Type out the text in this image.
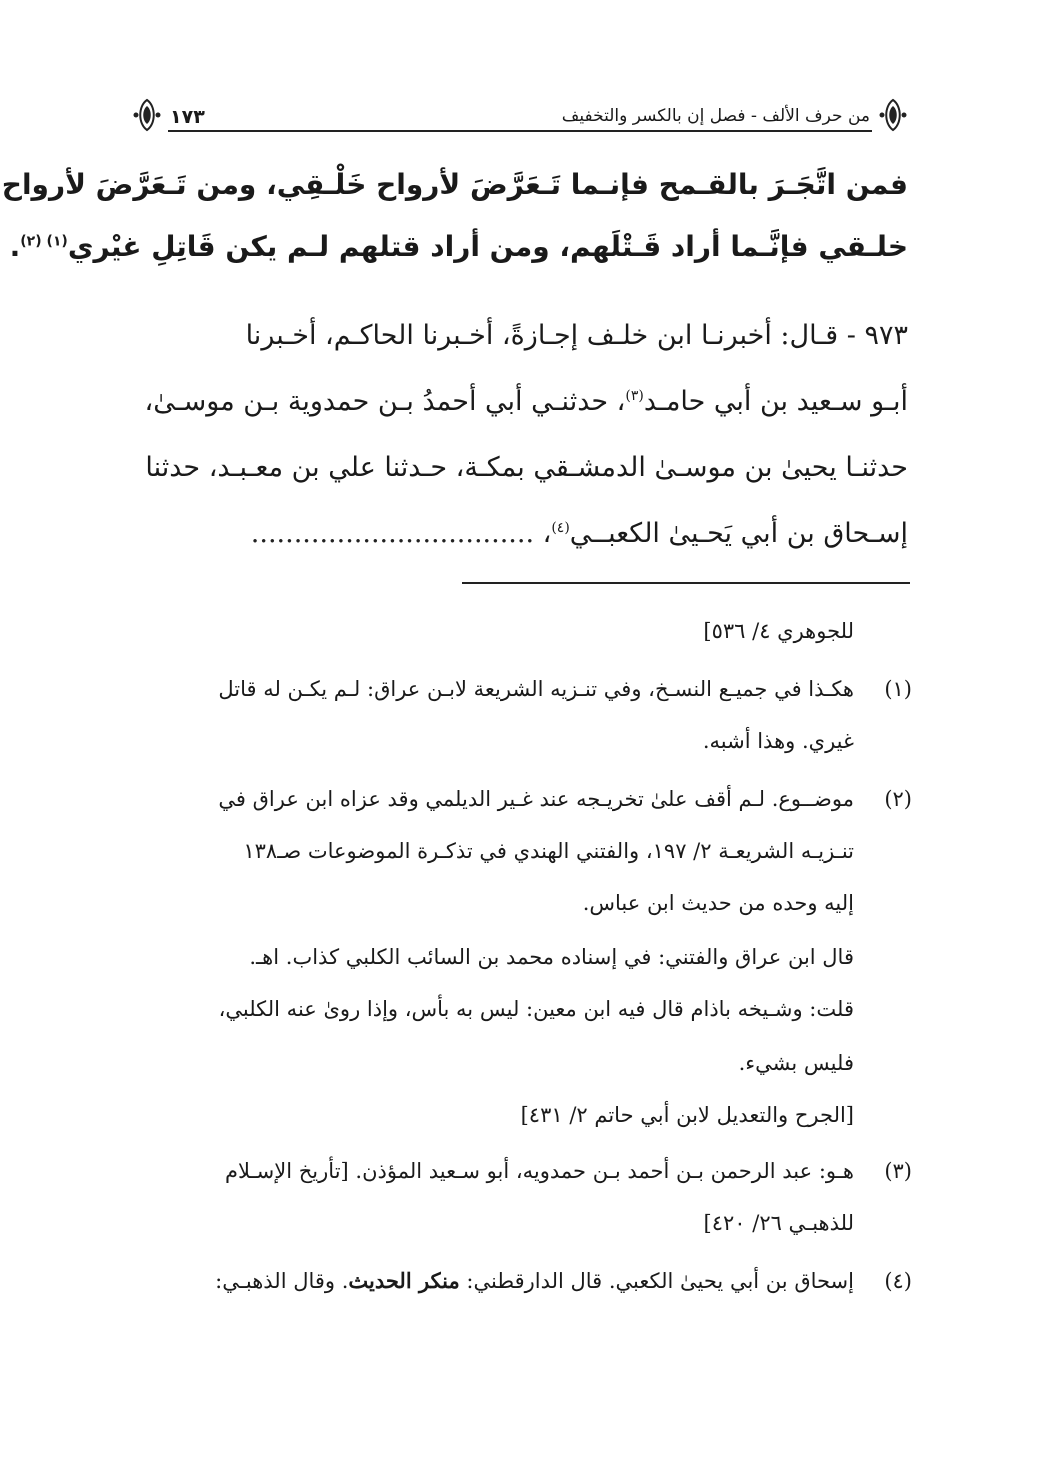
من حرف الألف - فصل إن بالكسر والتخفيف
١٧٣
فمن اتَّجَـرَ بالقـمح فإنـما تَـعَرَّضَ لأرواح خَلْـقِي، ومن تَـعَرَّضَ لأرواح
خلـقي فإنَّـما أراد قَـتْلَهم، ومن أراد قتلهم لـم يكن قَاتِلِ غيْري$^{(١) (٢)}$.
٩٧٣ - قـال: أخبرنـا ابن خلـف إجـازةً، أخـبرنا الحاكـم، أخـبرنا
أبـو سـعيد بن أبي حامـد$^{(٣)}$، حدثنـي أبي أحمدُ بـن حمدوية بـن موسـىٰ،
حدثنـا يحيىٰ بن موسـىٰ الدمشـقي بمكـة، حـدثنا علي بن معـبـد، حدثنا
إسـحاق بن أبي يَحـيىٰ الكعبــي$^{(٤)}$، .................................
للجوهري ٤/ ٥٣٦]
(١)
هكـذا في جميـع النسـخ، وفي تنـزيه الشريعة لابـن عراق: لـم يكـن له قاتل
غيري. وهذا أشبه.
(٢)
موضــوع. لـم أقف علىٰ تخريـجه عند غـير الديلمي وقد عزاه ابن عراق في
تنـزيـه الشريعـة ٢/ ١٩٧، والفتني الهندي في تذكـرة الموضوعات صـ١٣٨
إليه وحده من حديث ابن عباس.
قال ابن عراق والفتني: في إسناده محمد بن السائب الكلبي كذاب. اهـ.
قلت: وشـيخه باذام قال فيه ابن معين: ليس به بأس، وإذا روىٰ عنه الكلبي،
فليس بشيء.
[الجرح والتعديل لابن أبي حاتم ٢/ ٤٣١]
(٣)
هـو: عبد الرحمن بـن أحمد بـن حمدويه، أبو سـعيد المؤذن. [تأريخ الإسـلام
للذهبـي ٢٦/ ٤٢٠]
(٤)
إسحاق بن أبي يحيىٰ الكعبي. قال الدارقطني: منكر الحديث. وقال الذهبـي:
